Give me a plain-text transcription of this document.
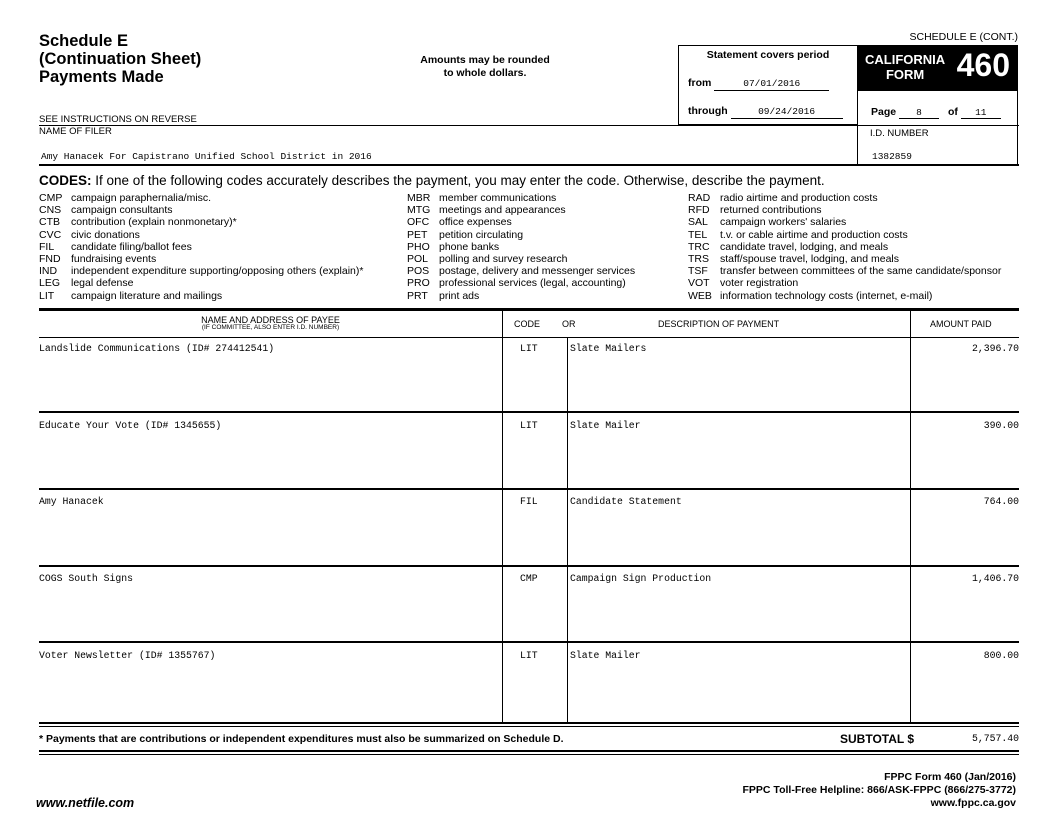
Schedule E
(Continuation Sheet)
Payments Made
Amounts may be rounded
to whole dollars.
SCHEDULE E (CONT.)
Statement covers period
from	07/01/2016
through	09/24/2016
CALIFORNIA
FORM	460
Page 8 of 11
SEE INSTRUCTIONS ON REVERSE
NAME OF FILER
Amy Hanacek For Capistrano Unified School District in 2016
I.D. NUMBER
1382859
CODES: If one of the following codes accurately describes the payment, you may enter the code. Otherwise, describe the payment.
CMP campaign paraphernalia/misc.
CNS campaign consultants
CTB contribution (explain nonmonetary)*
CVC civic donations
FIL candidate filing/ballot fees
FND fundraising events
IND independent expenditure supporting/opposing others (explain)*
LEG legal defense
LIT campaign literature and mailings
MBR member communications
MTG meetings and appearances
OFC office expenses
PET petition circulating
PHO phone banks
POL polling and survey research
POS postage, delivery and messenger services
PRO professional services (legal, accounting)
PRT print ads
RAD radio airtime and production costs
RFD returned contributions
SAL campaign workers' salaries
TEL t.v. or cable airtime and production costs
TRC candidate travel, lodging, and meals
TRS staff/spouse travel, lodging, and meals
TSF transfer between committees of the same candidate/sponsor
VOT voter registration
WEB information technology costs (internet, e-mail)
NAME AND ADDRESS OF PAYEE
(IF COMMITTEE, ALSO ENTER I.D. NUMBER)	CODE OR	DESCRIPTION OF PAYMENT	AMOUNT PAID
Landslide Communications (ID# 274412541)	LIT	Slate Mailers	2,396.70
Educate Your Vote (ID# 1345655)	LIT	Slate Mailer	390.00
Amy Hanacek	FIL	Candidate Statement	764.00
COGS South Signs	CMP	Campaign Sign Production	1,406.70
Voter Newsletter (ID# 1355767)	LIT	Slate Mailer	800.00
* Payments that are contributions or independent expenditures must also be summarized on Schedule D.	SUBTOTAL $	5,757.40
FPPC Form 460 (Jan/2016)
FPPC Toll-Free Helpline: 866/ASK-FPPC (866/275-3772)
www.fppc.ca.gov
www.netfile.com
